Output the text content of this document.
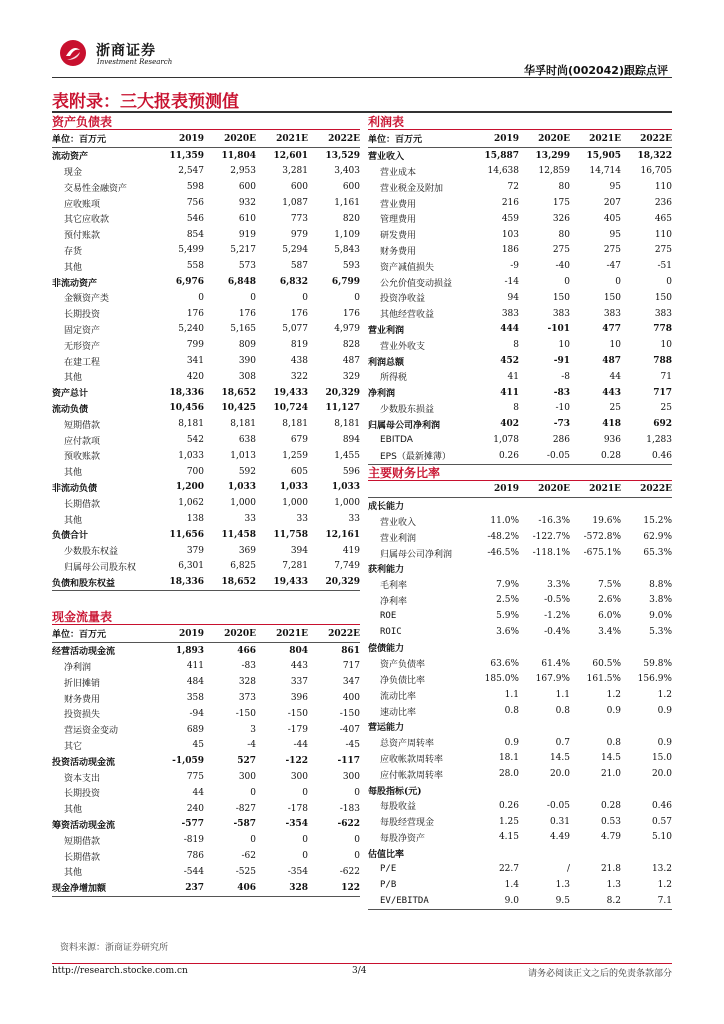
浙商证券
Investment Research
华孚时尚(002042)跟踪点评
表附录：三大报表预测值
资产负债表
单位：百万元	2019	2020E	2021E	2022E
流动资产	11,359	11,804	12,601	13,529
现金	2,547	2,953	3,281	3,403
交易性金融资产	598	600	600	600
应收账项	756	932	1,087	1,161
其它应收款	546	610	773	820
预付账款	854	919	979	1,109
存货	5,499	5,217	5,294	5,843
其他	558	573	587	593
非流动资产	6,976	6,848	6,832	6,799
金额资产类	0	0	0	0
长期投资	176	176	176	176
固定资产	5,240	5,165	5,077	4,979
无形资产	799	809	819	828
在建工程	341	390	438	487
其他	420	308	322	329
资产总计	18,336	18,652	19,433	20,329
流动负债	10,456	10,425	10,724	11,127
短期借款	8,181	8,181	8,181	8,181
应付款项	542	638	679	894
预收账款	1,033	1,013	1,259	1,455
其他	700	592	605	596
非流动负债	1,200	1,033	1,033	1,033
长期借款	1,062	1,000	1,000	1,000
其他	138	33	33	33
负债合计	11,656	11,458	11,758	12,161
少数股东权益	379	369	394	419
归属母公司股东权	6,301	6,825	7,281	7,749
负债和股东权益	18,336	18,652	19,433	20,329
现金流量表
单位：百万元	2019	2020E	2021E	2022E
经营活动现金流	1,893	466	804	861
净利润	411	-83	443	717
折旧摊销	484	328	337	347
财务费用	358	373	396	400
投资损失	-94	-150	-150	-150
营运资金变动	689	3	-179	-407
其它	45	-4	-44	-45
投资活动现金流	-1,059	527	-122	-117
资本支出	775	300	300	300
长期投资	44	0	0	0
其他	240	-827	-178	-183
筹资活动现金流	-577	-587	-354	-622
短期借款	-819	0	0	0
长期借款	786	-62	0	0
其他	-544	-525	-354	-622
现金净增加额	237	406	328	122
利润表
单位：百万元	2019	2020E	2021E	2022E
营业收入	15,887	13,299	15,905	18,322
营业成本	14,638	12,859	14,714	16,705
营业税金及附加	72	80	95	110
营业费用	216	175	207	236
管理费用	459	326	405	465
研发费用	103	80	95	110
财务费用	186	275	275	275
资产减值损失	-9	-40	-47	-51
公允价值变动损益	-14	0	0	0
投资净收益	94	150	150	150
其他经营收益	383	383	383	383
营业利润	444	-101	477	778
营业外收支	8	10	10	10
利润总额	452	-91	487	788
所得税	41	-8	44	71
净利润	411	-83	443	717
少数股东损益	8	-10	25	25
归属母公司净利润	402	-73	418	692
EBITDA	1,078	286	936	1,283
EPS（最新摊薄）	0.26	-0.05	0.28	0.46
主要财务比率
	2019	2020E	2021E	2022E
成长能力				
营业收入	11.0%	-16.3%	19.6%	15.2%
营业利润	-48.2%	-122.7%	-572.8%	62.9%
归属母公司净利润	-46.5%	-118.1%	-675.1%	65.3%
获利能力				
毛利率	7.9%	3.3%	7.5%	8.8%
净利率	2.5%	-0.5%	2.6%	3.8%
ROE	5.9%	-1.2%	6.0%	9.0%
ROIC	3.6%	-0.4%	3.4%	5.3%
偿债能力				
资产负债率	63.6%	61.4%	60.5%	59.8%
净负债比率	185.0%	167.9%	161.5%	156.9%
流动比率	1.1	1.1	1.2	1.2
速动比率	0.8	0.8	0.9	0.9
营运能力				
总资产周转率	0.9	0.7	0.8	0.9
应收帐款周转率	18.1	14.5	14.5	15.0
应付帐款周转率	28.0	20.0	21.0	20.0
每股指标(元)				
每股收益	0.26	-0.05	0.28	0.46
每股经营现金	1.25	0.31	0.53	0.57
每股净资产	4.15	4.49	4.79	5.10
估值比率				
P/E	22.7	/	21.8	13.2
P/B	1.4	1.3	1.3	1.2
EV/EBITDA	9.0	9.5	8.2	7.1
资料来源：浙商证券研究所
http://research.stocke.com.cn	3/4	请务必阅读正文之后的免责条款部分
